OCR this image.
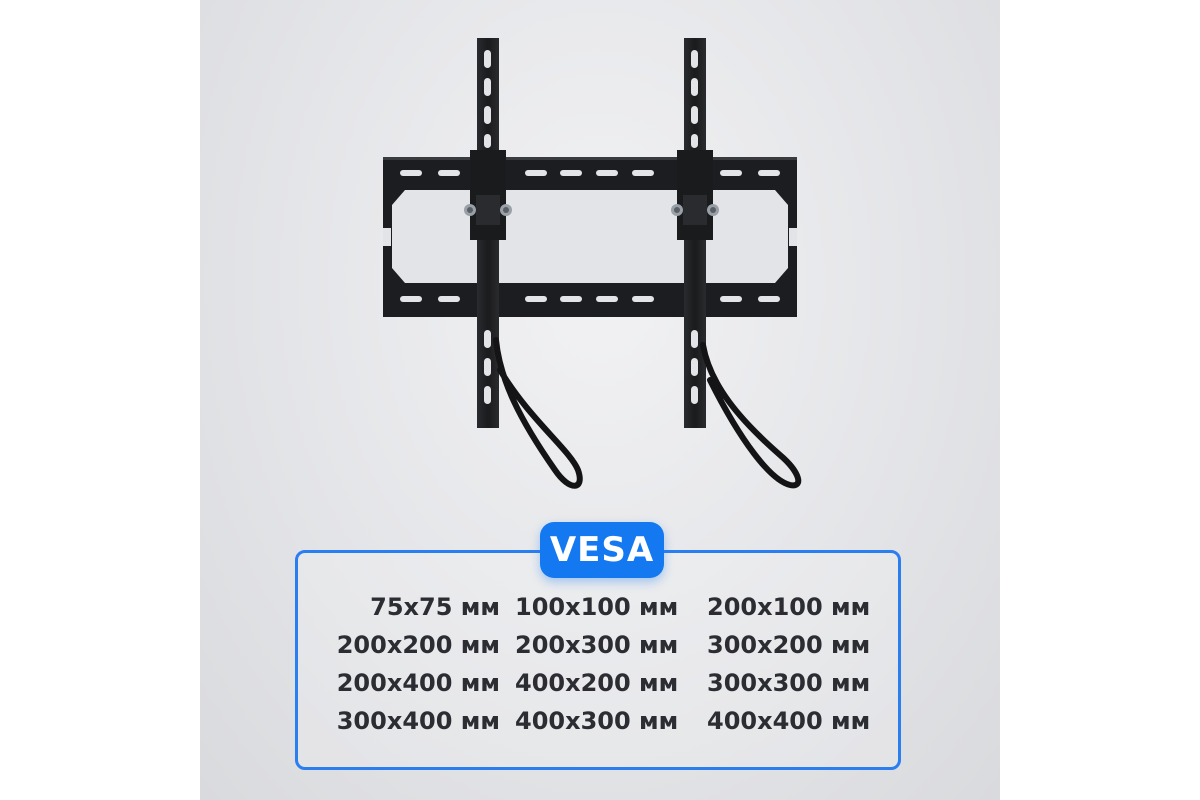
VESA
75x75 мм 100x100 мм	200x100 мм
200x200 мм 200x300 мм	300x200 мм
200x400 мм 400x200 мм	300x300 мм
300x400 мм 400x300 мм	400x400 мм
